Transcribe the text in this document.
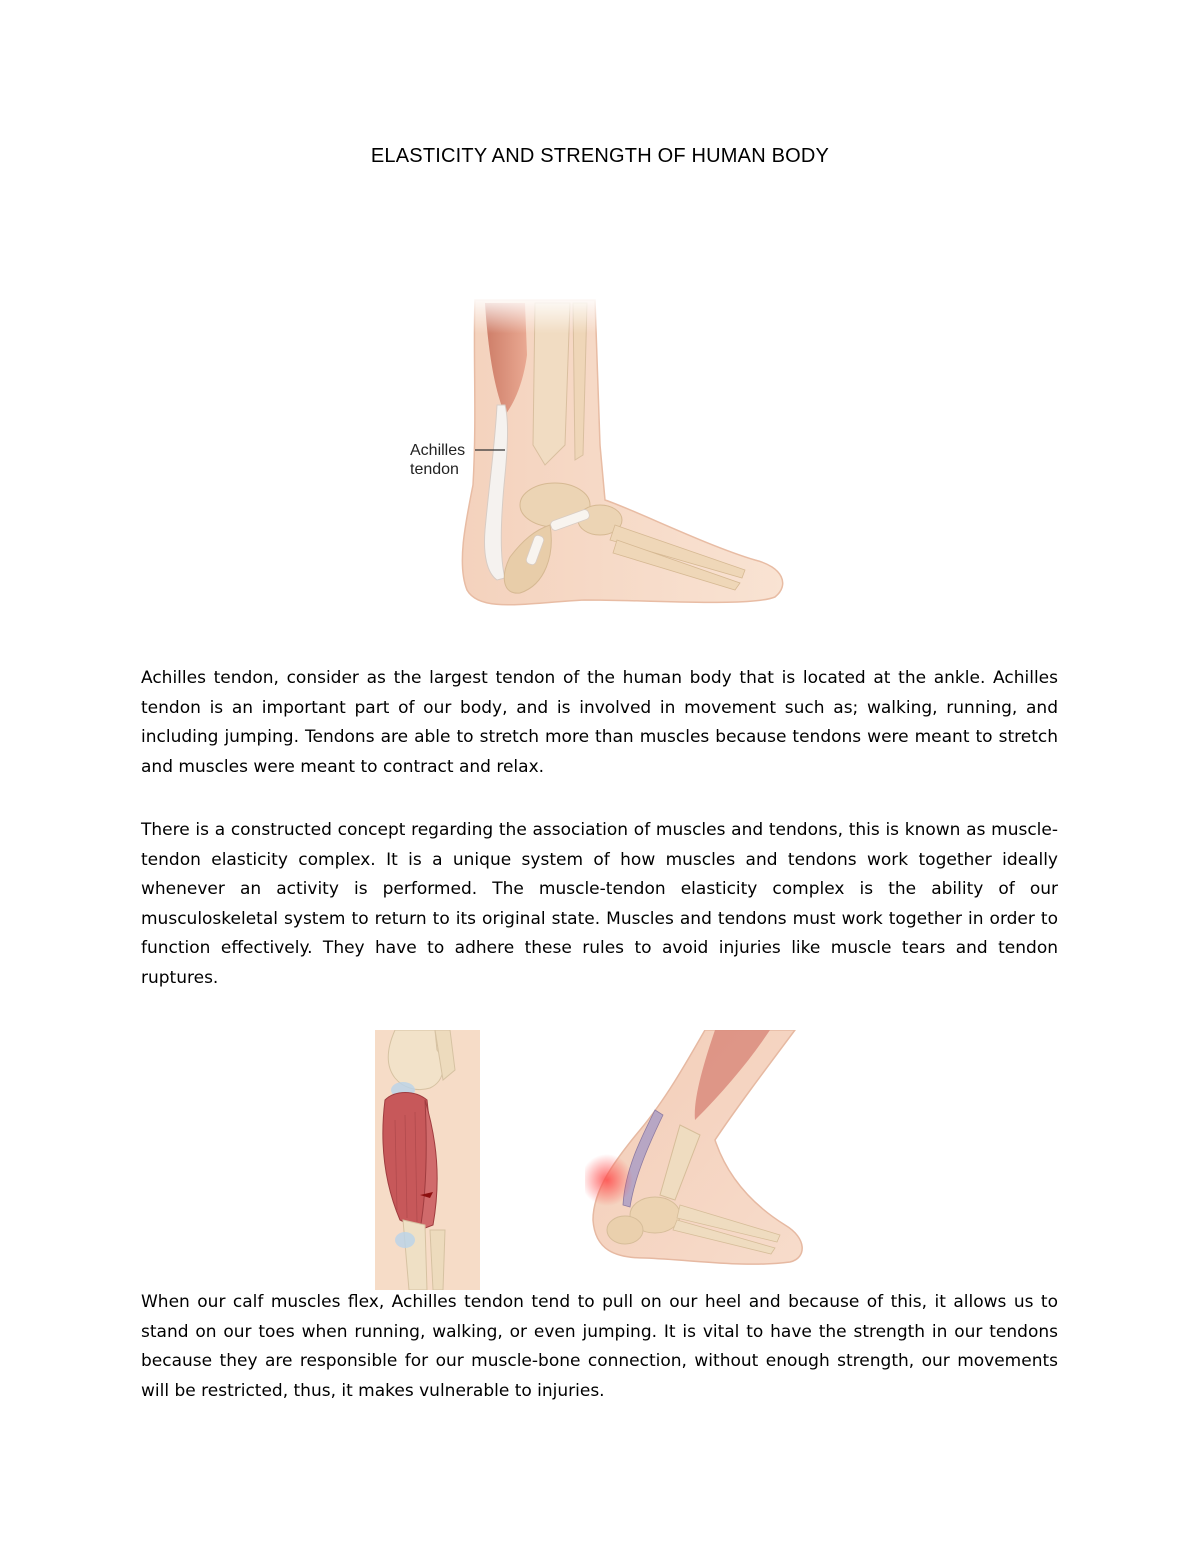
ELASTICITY AND STRENGTH OF HUMAN BODY
Achilles
tendon
Achilles tendon, consider as the largest tendon of the human body that is located at the ankle. Achilles tendon is an important part of our body, and is involved in movement such as; walking, running, and including jumping. Tendons are able to stretch more than muscles because tendons were meant to stretch and muscles were meant to contract and relax.
There is a constructed concept regarding the association of muscles and tendons, this is known as muscle-tendon elasticity complex. It is a unique system of how muscles and tendons work together ideally whenever an activity is performed. The muscle-tendon elasticity complex is the ability of our musculoskeletal system to return to its original state. Muscles and tendons must work together in order to function effectively. They have to adhere these rules to avoid injuries like muscle tears and tendon ruptures.
When our calf muscles flex, Achilles tendon tend to pull on our heel and because of this, it allows us to stand on our toes when running, walking, or even jumping. It is vital to have the strength in our tendons because they are responsible for our muscle-bone connection, without enough strength, our movements will be restricted, thus, it makes vulnerable to injuries.
